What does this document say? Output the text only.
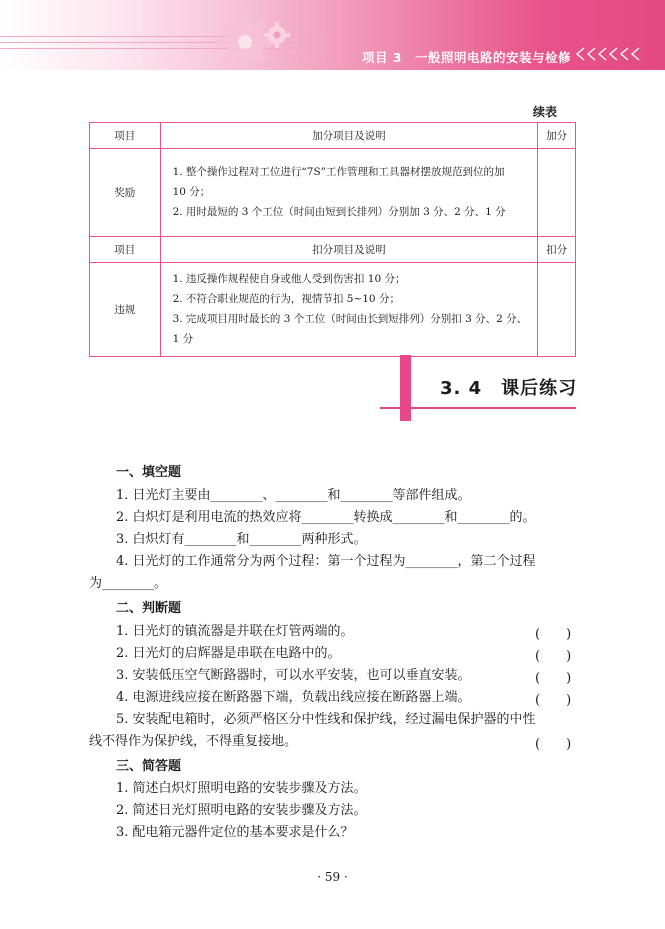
项目 3　一般照明电路的安装与检修
续表
项目	加分项目及说明	加分
奖励	1. 整个操作过程对工位进行“7S”工作管理和工具器材摆放规范到位的加
10 分；
2. 用时最短的 3 个工位（时间由短到长排列）分别加 3 分、2 分、1 分	

项目	扣分项目及说明	扣分
违规	1. 违反操作规程使自身或他人受到伤害扣 10 分；
2. 不符合职业规范的行为，视情节扣 5~10 分；
3. 完成项目用时最长的 3 个工位（时间由长到短排列）分别扣 3 分、2 分、
1 分	

3. 4　课后练习
一、填空题
1. 日光灯主要由________、________和________等部件组成。
2. 白炽灯是利用电流的热效应将________转换成________和________的。
3. 白炽灯有________和________两种形式。
4. 日光灯的工作通常分为两个过程：第一个过程为________，第二个过程
为________。
二、判断题
1. 日光灯的镇流器是并联在灯管两端的。	(　　)
2. 日光灯的启辉器是串联在电路中的。	(　　)
3. 安装低压空气断路器时，可以水平安装，也可以垂直安装。	(　　)
4. 电源进线应接在断路器下端，负载出线应接在断路器上端。	(　　)
5. 安装配电箱时，必须严格区分中性线和保护线，经过漏电保护器的中性
线不得作为保护线，不得重复接地。	(　　)
三、简答题
1. 简述白炽灯照明电路的安装步骤及方法。
2. 简述日光灯照明电路的安装步骤及方法。
3. 配电箱元器件定位的基本要求是什么？
· 59 ·
